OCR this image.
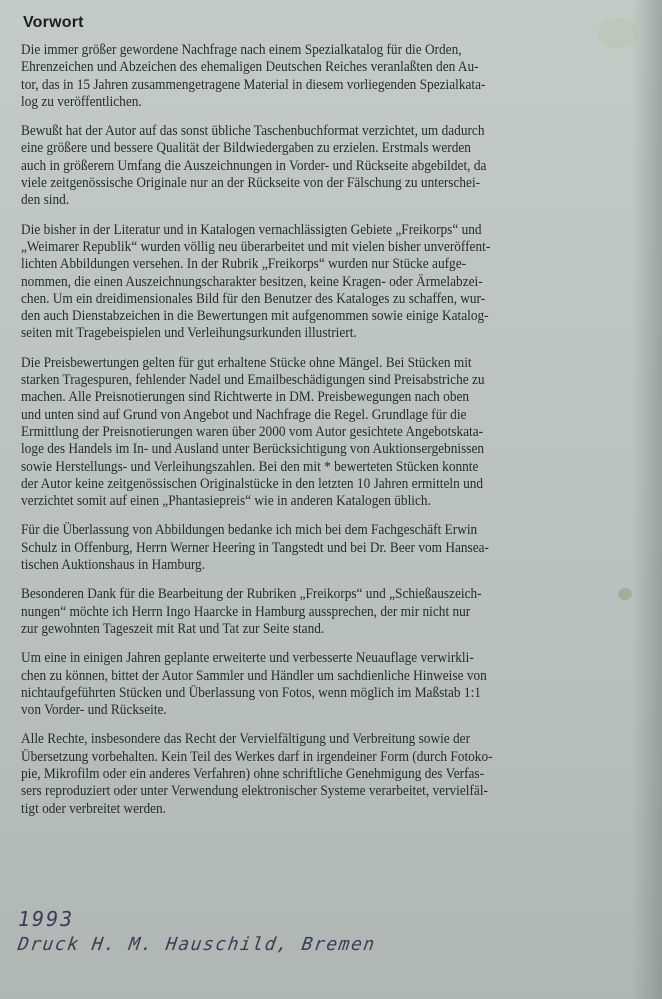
Vorwort

Die immer größer gewordene Nachfrage nach einem Spezialkatalog für die Orden,
Ehrenzeichen und Abzeichen des ehemaligen Deutschen Reiches veranlaßten den Au-
tor, das in 15 Jahren zusammengetragene Material in diesem vorliegenden Spezialkata-
log zu veröffentlichen.

Bewußt hat der Autor auf das sonst übliche Taschenbuchformat verzichtet, um dadurch
eine größere und bessere Qualität der Bildwiedergaben zu erzielen. Erstmals werden
auch in größerem Umfang die Auszeichnungen in Vorder- und Rückseite abgebildet, da
viele zeitgenössische Originale nur an der Rückseite von der Fälschung zu unterschei-
den sind.

Die bisher in der Literatur und in Katalogen vernachlässigten Gebiete „Freikorps“ und
„Weimarer Republik“ wurden völlig neu überarbeitet und mit vielen bisher unveröffent-
lichten Abbildungen versehen. In der Rubrik „Freikorps“ wurden nur Stücke aufge-
nommen, die einen Auszeichnungscharakter besitzen, keine Kragen- oder Ärmelabzei-
chen. Um ein dreidimensionales Bild für den Benutzer des Kataloges zu schaffen, wur-
den auch Dienstabzeichen in die Bewertungen mit aufgenommen sowie einige Katalog-
seiten mit Tragebeispielen und Verleihungsurkunden illustriert.

Die Preisbewertungen gelten für gut erhaltene Stücke ohne Mängel. Bei Stücken mit
starken Tragespuren, fehlender Nadel und Emailbeschädigungen sind Preisabstriche zu
machen. Alle Preisnotierungen sind Richtwerte in DM. Preisbewegungen nach oben
und unten sind auf Grund von Angebot und Nachfrage die Regel. Grundlage für die
Ermittlung der Preisnotierungen waren über 2000 vom Autor gesichtete Angebotskata-
loge des Handels im In- und Ausland unter Berücksichtigung von Auktionsergebnissen
sowie Herstellungs- und Verleihungszahlen. Bei den mit * bewerteten Stücken konnte
der Autor keine zeitgenössischen Originalstücke in den letzten 10 Jahren ermitteln und
verzichtet somit auf einen „Phantasiepreis“ wie in anderen Katalogen üblich.

Für die Überlassung von Abbildungen bedanke ich mich bei dem Fachgeschäft Erwin
Schulz in Offenburg, Herrn Werner Heering in Tangstedt und bei Dr. Beer vom Hansea-
tischen Auktionshaus in Hamburg.

Besonderen Dank für die Bearbeitung der Rubriken „Freikorps“ und „Schießauszeich-
nungen“ möchte ich Herrn Ingo Haarcke in Hamburg aussprechen, der mir nicht nur
zur gewohnten Tageszeit mit Rat und Tat zur Seite stand.

Um eine in einigen Jahren geplante erweiterte und verbesserte Neuauflage verwirkli-
chen zu können, bittet der Autor Sammler und Händler um sachdienliche Hinweise von
nichtaufgeführten Stücken und Überlassung von Fotos, wenn möglich im Maßstab 1:1
von Vorder- und Rückseite.

Alle Rechte, insbesondere das Recht der Vervielfältigung und Verbreitung sowie der
Übersetzung vorbehalten. Kein Teil des Werkes darf in irgendeiner Form (durch Fotoko-
pie, Mikrofilm oder ein anderes Verfahren) ohne schriftliche Genehmigung des Verfas-
sers reproduziert oder unter Verwendung elektronischer Systeme verarbeitet, vervielfäl-
tigt oder verbreitet werden.

1993
Druck H. M. Hauschild, Bremen
